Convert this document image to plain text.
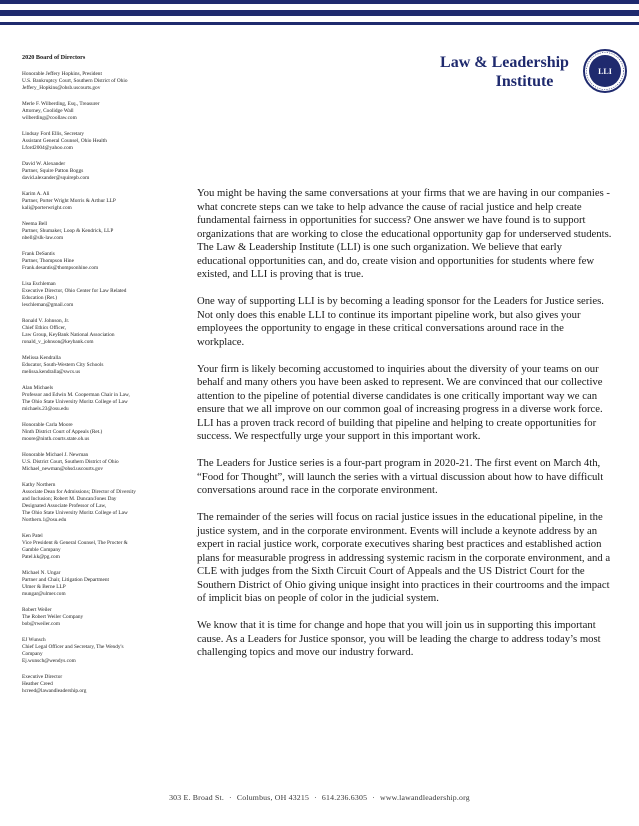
Law & Leadership
Institute
LLI
2020 Board of Directors
Honorable Jeffery Hopkins, President
U.S. Bankruptcy Court, Southern District of Ohio
Jeffery_Hopkins@ohsb.uscourts.gov
Merle F. Wilberding, Esq., Treasurer
Attorney, Coolidge Wall
wilberding@coollaw.com
Lindsay Ford Ellis, Secretary
Assistant General Counsel, Ohio Health
Lford2004@yahoo.com
David W. Alexander
Partner, Squire Patton Boggs
david.alexander@squirepb.com
Karim A. Ali
Partner, Porter Wright Morris & Arthur LLP
kali@porterwright.com
Neema Bell
Partner, Shumaker, Loop & Kendrick, LLP
nbell@slk-law.com
Frank DeSantis
Partner, Thompson Hine
Frank.desantis@thompsonhine.com
Lisa Eschleman
Executive Director, Ohio Center for Law Related
Education (Ret.)
leschleman@gmail.com
Ronald V. Johnson, Jr.
Chief Ethics Officer,
Law Group, KeyBank National Association
ronald_v_johnson@keybank.com
Melissa Kendralla
Educator, South-Western City Schools
melissa.kendralla@swcs.us
Alan Michaels
Professor and Edwin M. Cooperman Chair in Law,
The Ohio State University Moritz College of Law
michaels.23@osu.edu
Honorable Carla Moore
Ninth District Court of Appeals (Ret.)
moore@ninth.courts.state.oh.us
Honorable Michael J. Newman
U.S. District Court, Southern District of Ohio
Michael_newman@ohsd.uscourts.gov
Kathy Northern
Associate Dean for Admissions; Director of Diversity
and Inclusion; Robert M. Duncan/Jones Day
Designated Associate Professor of Law,
The Ohio State University Moritz College of Law
Northern.1@osu.edu
Ken Patel
Vice President & General Counsel, The Procter &
Gamble Company
Patel.kk@pg.com
Michael N. Ungar
Partner and Chair, Litigation Department
Ulmer & Berne LLP
mungar@ulmer.com
Robert Weiler
The Robert Weiler Company
bob@rweiler.com
EJ Wunsch
Chief Legal Officer and Secretary, The Wendy's
Company
Ej.wunsch@wendys.com
Executive Director
Heather Creed
hcreed@lawandleadership.org

You might be having the same conversations at your firms that we are having in our companies - what concrete steps can we take to help advance the cause of racial justice and help create fundamental fairness in opportunities for success? One answer we have found is to support organizations that are working to close the educational opportunity gap for underserved students. The Law & Leadership Institute (LLI) is one such organization. We believe that early educational opportunities can, and do, create vision and opportunities for students where few existed, and LLI is proving that is true.

One way of supporting LLI is by becoming a leading sponsor for the Leaders for Justice series. Not only does this enable LLI to continue its important pipeline work, but also gives your employees the opportunity to engage in these critical conversations around race in the workplace.

Your firm is likely becoming accustomed to inquiries about the diversity of your teams on our behalf and many others you have been asked to represent. We are convinced that our collective attention to the pipeline of potential diverse candidates is one critically important way we can ensure that we all improve on our common goal of increasing progress in a diverse work force. LLI has a proven track record of building that pipeline and helping to create opportunities for success. We respectfully urge your support in this important work.

The Leaders for Justice series is a four-part program in 2020-21. The first event on March 4th, “Food for Thought”, will launch the series with a virtual discussion about how to have difficult conversations around race in the corporate environment.

The remainder of the series will focus on racial justice issues in the educational pipeline, in the justice system, and in the corporate environment. Events will include a keynote address by an expert in racial justice work, corporate executives sharing best practices and established action plans for measurable progress in addressing systemic racism in the corporate environment, and a CLE with judges from the Sixth Circuit Court of Appeals and the US District Court for the Southern District of Ohio giving unique insight into practices in their courtrooms and the impact of implicit bias on people of color in the judicial system.

We know that it is time for change and hope that you will join us in supporting this important cause. As a Leaders for Justice sponsor, you will be leading the charge to address today’s most challenging topics and move our industry forward.

303 E. Broad St. · Columbus, OH 43215 · 614.236.6305 · www.lawandleadership.org
